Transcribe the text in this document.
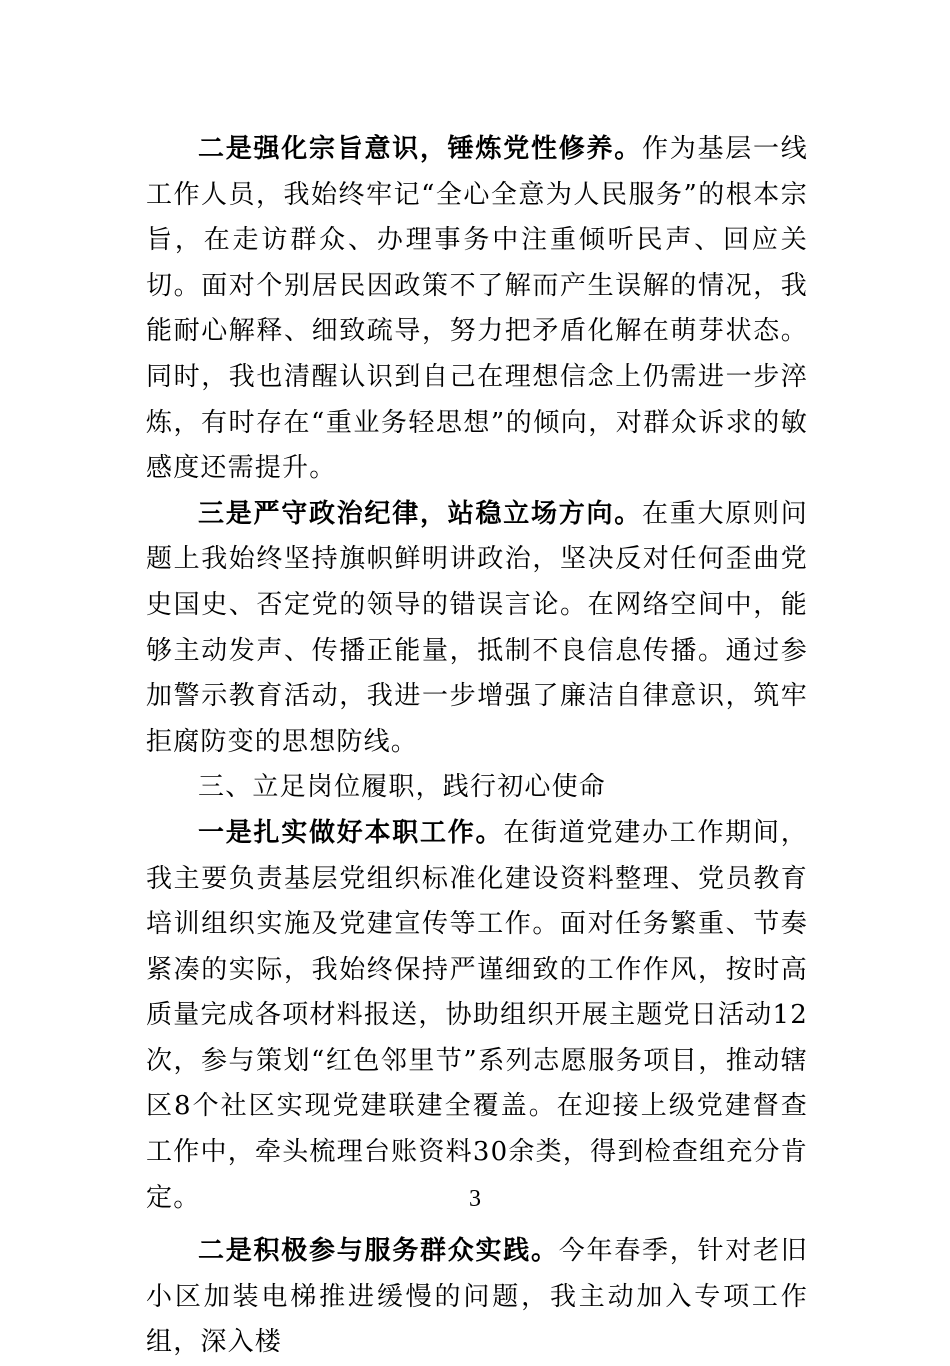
二是强化宗旨意识，锤炼党性修养。作为基层一线工作人员，我始终牢记“全心全意为人民服务”的根本宗旨，在走访群众、办理事务中注重倾听民声、回应关切。面对个别居民因政策不了解而产生误解的情况，我能耐心解释、细致疏导，努力把矛盾化解在萌芽状态。同时，我也清醒认识到自己在理想信念上仍需进一步淬炼，有时存在“重业务轻思想”的倾向，对群众诉求的敏感度还需提升。

三是严守政治纪律，站稳立场方向。在重大原则问题上我始终坚持旗帜鲜明讲政治，坚决反对任何歪曲党史国史、否定党的领导的错误言论。在网络空间中，能够主动发声、传播正能量，抵制不良信息传播。通过参加警示教育活动，我进一步增强了廉洁自律意识，筑牢拒腐防变的思想防线。

三、立足岗位履职，践行初心使命

一是扎实做好本职工作。在街道党建办工作期间，我主要负责基层党组织标准化建设资料整理、党员教育培训组织实施及党建宣传等工作。面对任务繁重、节奏紧凑的实际，我始终保持严谨细致的工作作风，按时高质量完成各项材料报送，协助组织开展主题党日活动12次，参与策划“红色邻里节”系列志愿服务项目，推动辖区8个社区实现党建联建全覆盖。在迎接上级党建督查工作中，牵头梳理台账资料30余类，得到检查组充分肯定。

二是积极参与服务群众实践。今年春季，针对老旧小区加装电梯推进缓慢的问题，我主动加入专项工作组，深入楼

3
